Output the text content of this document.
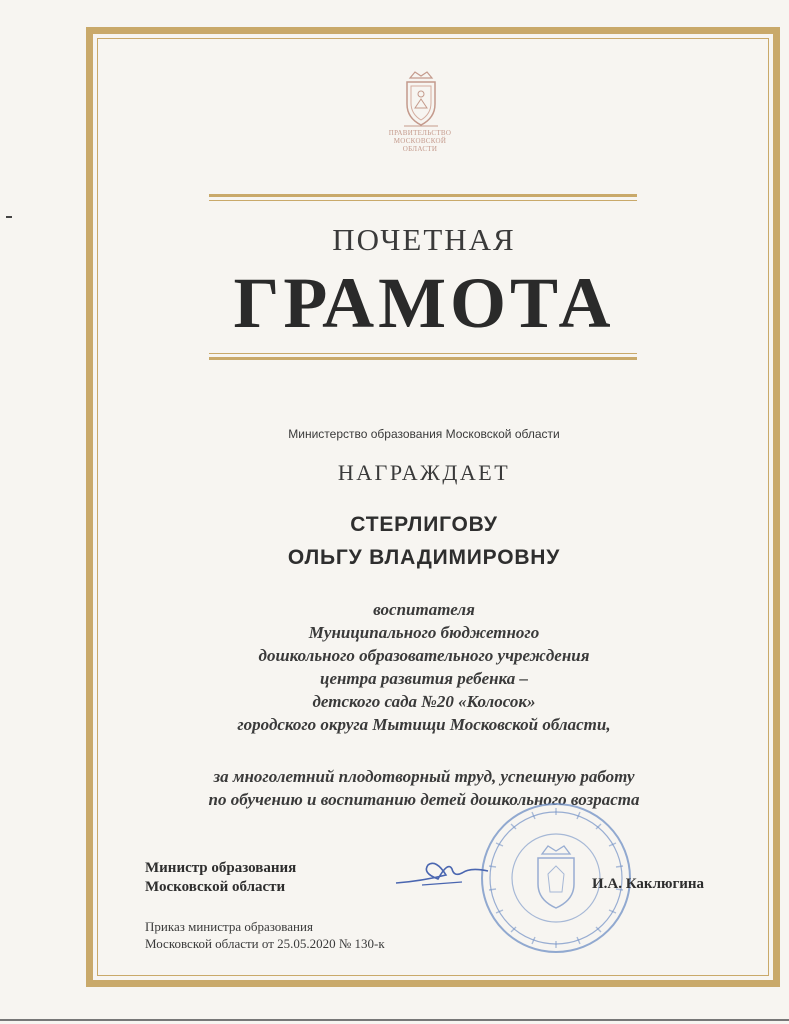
ПРАВИТЕЛЬСТВО
МОСКОВСКОЙ
ОБЛАСТИ
ПОЧЕТНАЯ
ГРАМОТА
Министерство образования Московской области
НАГРАЖДАЕТ
СТЕРЛИГОВУ
ОЛЬГУ ВЛАДИМИРОВНУ
воспитателя
Муниципального бюджетного
дошкольного образовательного учреждения
центра развития ребенка –
детского сада №20 «Колосок»
городского округа Мытищи Московской области,
за многолетний плодотворный труд, успешную работу
по обучению и воспитанию детей дошкольного возраста
Министр образования
Московской области	И.А. Каклюгина
Приказ министра образования
Московской области от 25.05.2020 № 130-к
